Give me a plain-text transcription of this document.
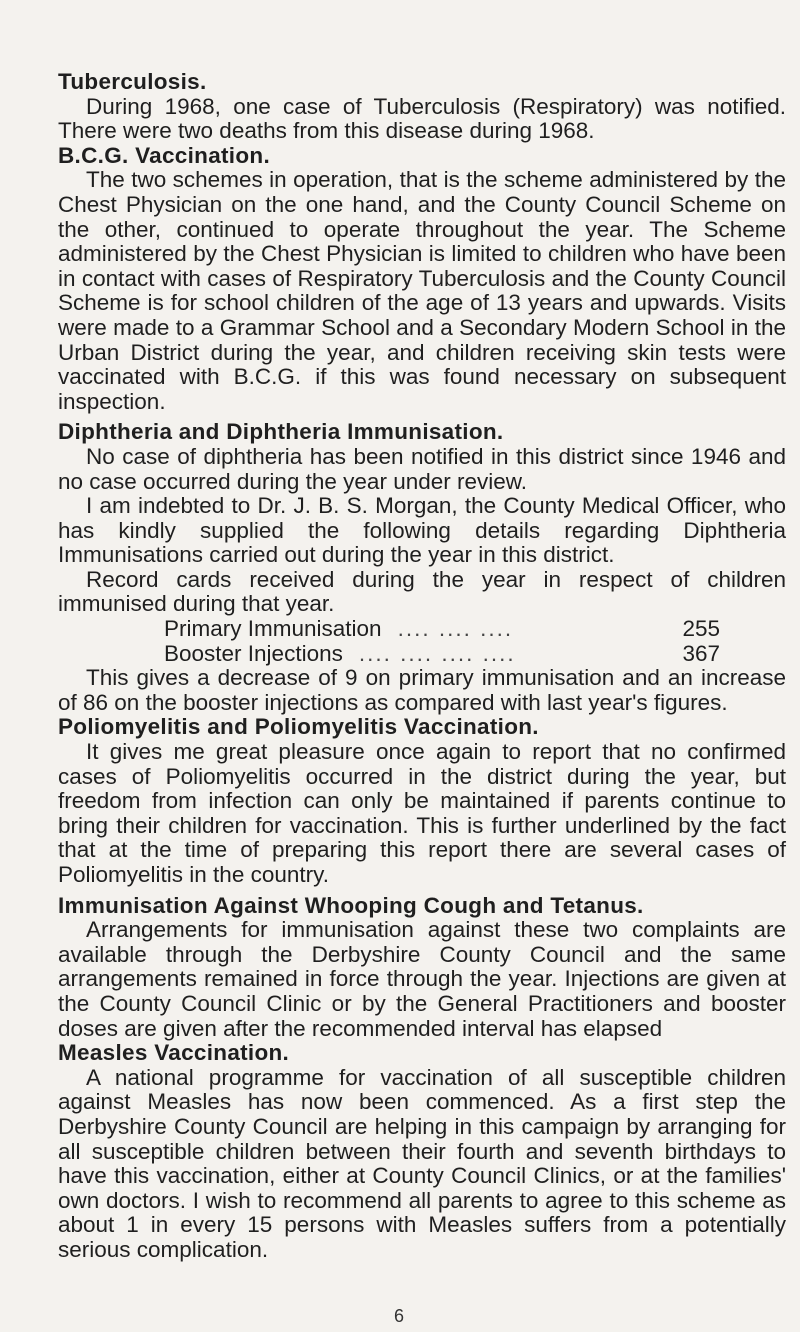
Tuberculosis.

During 1968, one case of Tuberculosis (Respiratory) was notified. There were two deaths from this disease during 1968.

B.C.G. Vaccination.

The two schemes in operation, that is the scheme administered by the Chest Physician on the one hand, and the County Council Scheme on the other, continued to operate throughout the year. The Scheme administered by the Chest Physician is limited to children who have been in contact with cases of Respiratory Tuberculosis and the County Council Scheme is for school children of the age of 13 years and upwards. Visits were made to a Grammar School and a Secondary Modern School in the Urban District during the year, and children receiving skin tests were vaccinated with B.C.G. if this was found necessary on subsequent inspection.

Diphtheria and Diphtheria Immunisation.

No case of diphtheria has been notified in this district since 1946 and no case occurred during the year under review.

I am indebted to Dr. J. B. S. Morgan, the County Medical Officer, who has kindly supplied the following details regarding Diphtheria Immunisations carried out during the year in this district.

Record cards received during the year in respect of children immunised during that year.

Primary Immunisation .... .... ....	255
Booster Injections .... .... .... ....	367

This gives a decrease of 9 on primary immunisation and an increase of 86 on the booster injections as compared with last year's figures.

Poliomyelitis and Poliomyelitis Vaccination.

It gives me great pleasure once again to report that no confirmed cases of Poliomyelitis occurred in the district during the year, but freedom from infection can only be maintained if parents continue to bring their children for vaccination. This is further underlined by the fact that at the time of preparing this report there are several cases of Poliomyelitis in the country.

Immunisation Against Whooping Cough and Tetanus.

Arrangements for immunisation against these two complaints are available through the Derbyshire County Council and the same arrangements remained in force through the year. Injections are given at the County Council Clinic or by the General Practitioners and booster doses are given after the recommended interval has elapsed

Measles Vaccination.

A national programme for vaccination of all susceptible children against Measles has now been commenced. As a first step the Derbyshire County Council are helping in this campaign by arranging for all susceptible children between their fourth and seventh birthdays to have this vaccination, either at County Council Clinics, or at the families' own doctors. I wish to recommend all parents to agree to this scheme as about 1 in every 15 persons with Measles suffers from a potentially serious complication.

6
